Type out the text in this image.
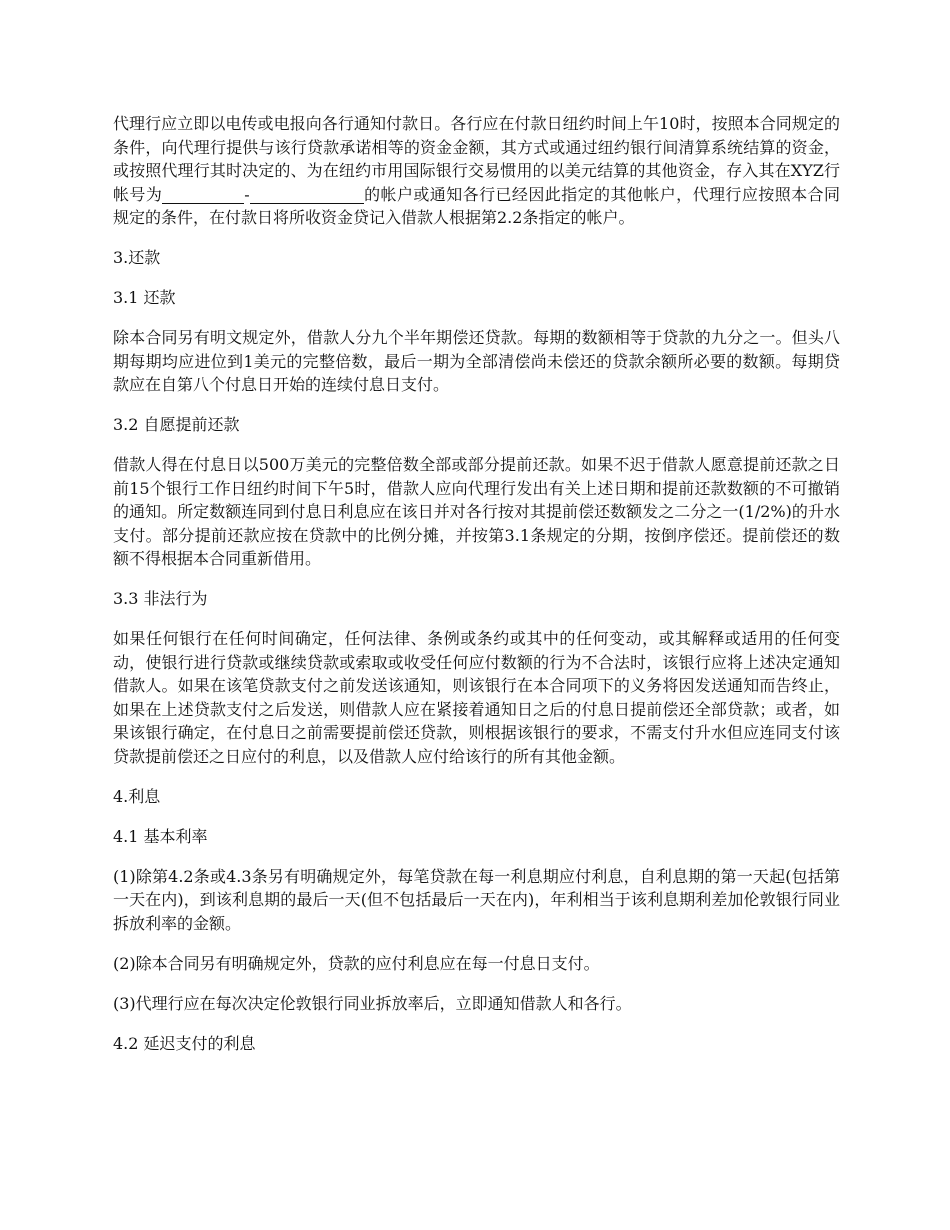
代理行应立即以电传或电报向各行通知付款日。各行应在付款日纽约时间上午10时，按照本合同规定的条件，向代理行提供与该行贷款承诺相等的资金金额，其方式或通过纽约银行间清算系统结算的资金，或按照代理行其时决定的、为在纽约市用国际银行交易惯用的以美元结算的其他资金，存入其在XYZ行帐号为	-	的帐户或通知各行已经因此指定的其他帐户，代理行应按照本合同规定的条件，在付款日将所收资金贷记入借款人根据第2.2条指定的帐户。

3.还款

3.1 还款

除本合同另有明文规定外，借款人分九个半年期偿还贷款。每期的数额相等于贷款的九分之一。但头八期每期均应进位到1美元的完整倍数，最后一期为全部清偿尚未偿还的贷款余额所必要的数额。每期贷款应在自第八个付息日开始的连续付息日支付。

3.2 自愿提前还款

借款人得在付息日以500万美元的完整倍数全部或部分提前还款。如果不迟于借款人愿意提前还款之日前15个银行工作日纽约时间下午5时，借款人应向代理行发出有关上述日期和提前还款数额的不可撤销的通知。所定数额连同到付息日利息应在该日并对各行按对其提前偿还数额发之二分之一(1/2%)的升水支付。部分提前还款应按在贷款中的比例分摊，并按第3.1条规定的分期，按倒序偿还。提前偿还的数额不得根据本合同重新借用。

3.3 非法行为

如果任何银行在任何时间确定，任何法律、条例或条约或其中的任何变动，或其解释或适用的任何变动，使银行进行贷款或继续贷款或索取或收受任何应付数额的行为不合法时，该银行应将上述决定通知借款人。如果在该笔贷款支付之前发送该通知，则该银行在本合同项下的义务将因发送通知而告终止，如果在上述贷款支付之后发送，则借款人应在紧接着通知日之后的付息日提前偿还全部贷款；或者，如果该银行确定，在付息日之前需要提前偿还贷款，则根据该银行的要求，不需支付升水但应连同支付该贷款提前偿还之日应付的利息，以及借款人应付给该行的所有其他金额。

4.利息

4.1 基本利率

(1)除第4.2条或4.3条另有明确规定外，每笔贷款在每一利息期应付利息，自利息期的第一天起(包括第一天在内)，到该利息期的最后一天(但不包括最后一天在内)，年利相当于该利息期利差加伦敦银行同业拆放利率的金额。

(2)除本合同另有明确规定外，贷款的应付利息应在每一付息日支付。

(3)代理行应在每次决定伦敦银行同业拆放率后，立即通知借款人和各行。

4.2 延迟支付的利息
